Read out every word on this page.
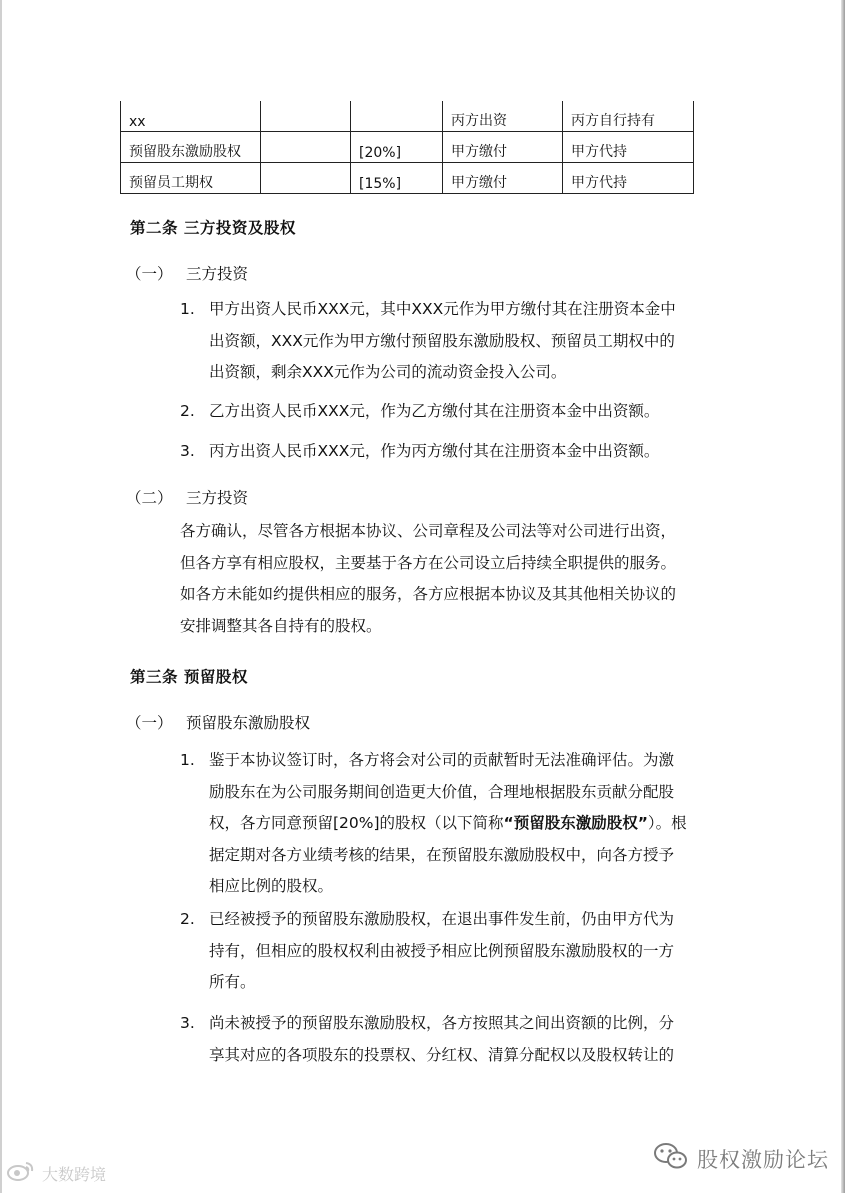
xx			丙方出资	丙方自行持有
预留股东激励股权		[20%]	甲方缴付	甲方代持
预留员工期权		[15%]	甲方缴付	甲方代持
第二条 三方投资及股权
（一） 三方投资
1. 甲方出资人民币XXX元，其中XXX元作为甲方缴付其在注册资本金中
出资额，XXX元作为甲方缴付预留股东激励股权、预留员工期权中的
出资额，剩余XXX元作为公司的流动资金投入公司。
2. 乙方出资人民币XXX元，作为乙方缴付其在注册资本金中出资额。
3. 丙方出资人民币XXX元，作为丙方缴付其在注册资本金中出资额。
（二） 三方投资
各方确认，尽管各方根据本协议、公司章程及公司法等对公司进行出资，
但各方享有相应股权，主要基于各方在公司设立后持续全职提供的服务。
如各方未能如约提供相应的服务，各方应根据本协议及其其他相关协议的
安排调整其各自持有的股权。
第三条 预留股权
（一） 预留股东激励股权
1. 鉴于本协议签订时，各方将会对公司的贡献暂时无法准确评估。为激
励股东在为公司服务期间创造更大价值，合理地根据股东贡献分配股
权，各方同意预留[20%]的股权（以下简称“预留股东激励股权”）。根
据定期对各方业绩考核的结果，在预留股东激励股权中，向各方授予
相应比例的股权。
2. 已经被授予的预留股东激励股权，在退出事件发生前，仍由甲方代为
持有，但相应的股权权利由被授予相应比例预留股东激励股权的一方
所有。
3. 尚未被授予的预留股东激励股权，各方按照其之间出资额的比例，分
享其对应的各项股东的投票权、分红权、清算分配权以及股权转让的
大数跨境
股权激励论坛
